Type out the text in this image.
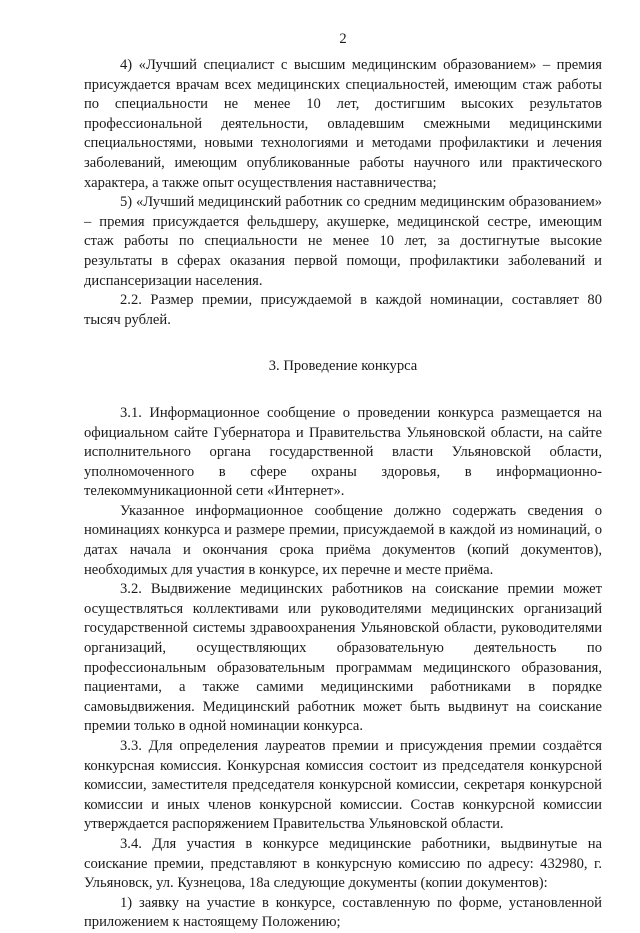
2

4) «Лучший специалист с высшим медицинским образованием» – премия присуждается врачам всех медицинских специальностей, имеющим стаж работы по специальности не менее 10 лет, достигшим высоких результатов профессиональной деятельности, овладевшим смежными медицинскими специальностями, новыми технологиями и методами профилактики и лечения заболеваний, имеющим опубликованные работы научного или практического характера, а также опыт осуществления наставничества;

5) «Лучший медицинский работник со средним медицинским образованием» – премия присуждается фельдшеру, акушерке, медицинской сестре, имеющим стаж работы по специальности не менее 10 лет, за достигнутые высокие результаты в сферах оказания первой помощи, профилактики заболеваний и диспансеризации населения.

2.2. Размер премии, присуждаемой в каждой номинации, составляет 80 тысяч рублей.

3. Проведение конкурса

3.1. Информационное сообщение о проведении конкурса размещается на официальном сайте Губернатора и Правительства Ульяновской области, на сайте исполнительного органа государственной власти Ульяновской области, уполномоченного в сфере охраны здоровья, в информационно-телекоммуникационной сети «Интернет».

Указанное информационное сообщение должно содержать сведения о номинациях конкурса и размере премии, присуждаемой в каждой из номинаций, о датах начала и окончания срока приёма документов (копий документов), необходимых для участия в конкурсе, их перечне и месте приёма.

3.2. Выдвижение медицинских работников на соискание премии может осуществляться коллективами или руководителями медицинских организаций государственной системы здравоохранения Ульяновской области, руководителями организаций, осуществляющих образовательную деятельность по профессиональным образовательным программам медицинского образования, пациентами, а также самими медицинскими работниками в порядке самовыдвижения. Медицинский работник может быть выдвинут на соискание премии только в одной номинации конкурса.

3.3. Для определения лауреатов премии и присуждения премии создаётся конкурсная комиссия. Конкурсная комиссия состоит из председателя конкурсной комиссии, заместителя председателя конкурсной комиссии, секретаря конкурсной комиссии и иных членов конкурсной комиссии. Состав конкурсной комиссии утверждается распоряжением Правительства Ульяновской области.

3.4. Для участия в конкурсе медицинские работники, выдвинутые на соискание премии, представляют в конкурсную комиссию по адресу: 432980, г. Ульяновск, ул. Кузнецова, 18а следующие документы (копии документов):

1) заявку на участие в конкурсе, составленную по форме, установленной приложением к настоящему Положению;
